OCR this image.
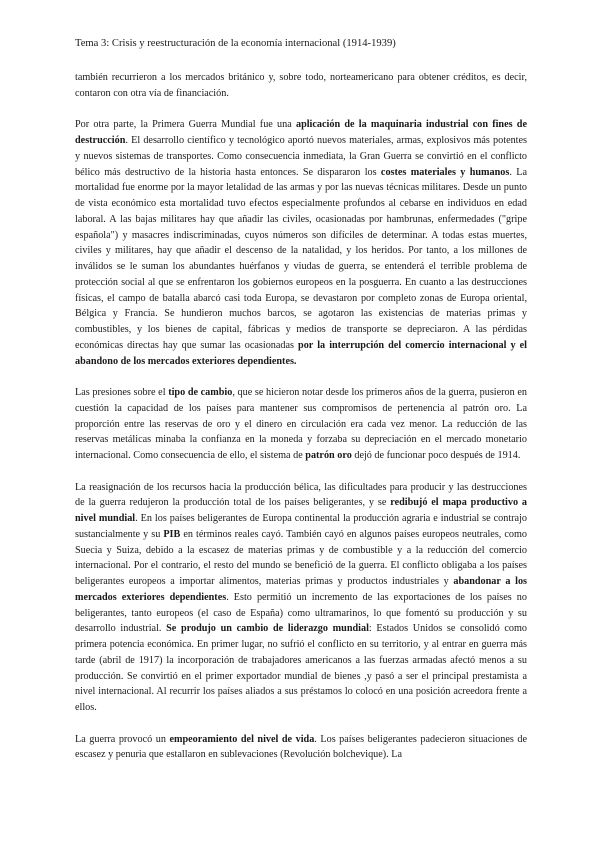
Tema 3: Crisis y reestructuración de la economía internacional (1914-1939)

también recurrieron a los mercados británico y, sobre todo, norteamericano para obtener créditos, es decir, contaron con otra vía de financiación.

Por otra parte, la Primera Guerra Mundial fue una aplicación de la maquinaria industrial con fines de destrucción. El desarrollo científico y tecnológico aportó nuevos materiales, armas, explosivos más potentes y nuevos sistemas de transportes. Como consecuencia inmediata, la Gran Guerra se convirtió en el conflicto bélico más destructivo de la historia hasta entonces. Se dispararon los costes materiales y humanos. La mortalidad fue enorme por la mayor letalidad de las armas y por las nuevas técnicas militares. Desde un punto de vista económico esta mortalidad tuvo efectos especialmente profundos al cebarse en individuos en edad laboral. A las bajas militares hay que añadir las civiles, ocasionadas por hambrunas, enfermedades ("gripe española") y masacres indiscriminadas, cuyos números son difíciles de determinar. A todas estas muertes, civiles y militares, hay que añadir el descenso de la natalidad, y los heridos. Por tanto, a los millones de inválidos se le suman los abundantes huérfanos y viudas de guerra, se entenderá el terrible problema de protección social al que se enfrentaron los gobiernos europeos en la posguerra. En cuanto a las destrucciones físicas, el campo de batalla abarcó casi toda Europa, se devastaron por completo zonas de Europa oriental, Bélgica y Francia. Se hundieron muchos barcos, se agotaron las existencias de materias primas y combustibles, y los bienes de capital, fábricas y medios de transporte se depreciaron. A las pérdidas económicas directas hay que sumar las ocasionadas por la interrupción del comercio internacional y el abandono de los mercados exteriores dependientes.

Las presiones sobre el tipo de cambio, que se hicieron notar desde los primeros años de la guerra, pusieron en cuestión la capacidad de los países para mantener sus compromisos de pertenencia al patrón oro. La proporción entre las reservas de oro y el dinero en circulación era cada vez menor. La reducción de las reservas metálicas minaba la confianza en la moneda y forzaba su depreciación en el mercado monetario internacional. Como consecuencia de ello, el sistema de patrón oro dejó de funcionar poco después de 1914.

La reasignación de los recursos hacia la producción bélica, las dificultades para producir y las destrucciones de la guerra redujeron la producción total de los países beligerantes, y se redibujó el mapa productivo a nivel mundial. En los países beligerantes de Europa continental la producción agraria e industrial se contrajo sustancialmente y su PIB en términos reales cayó. También cayó en algunos países europeos neutrales, como Suecia y Suiza, debido a la escasez de materias primas y de combustible y a la reducción del comercio internacional. Por el contrario, el resto del mundo se benefició de la guerra. El conflicto obligaba a los países beligerantes europeos a importar alimentos, materias primas y productos industriales y abandonar a los mercados exteriores dependientes. Esto permitió un incremento de las exportaciones de los países no beligerantes, tanto europeos (el caso de España) como ultramarinos, lo que fomentó su producción y su desarrollo industrial. Se produjo un cambio de liderazgo mundial: Estados Unidos se consolidó como primera potencia económica. En primer lugar, no sufrió el conflicto en su territorio, y al entrar en guerra más tarde (abril de 1917) la incorporación de trabajadores americanos a las fuerzas armadas afectó menos a su producción. Se convirtió en el primer exportador mundial de bienes ,y pasó a ser el principal prestamista a nivel internacional. Al recurrir los países aliados a sus préstamos lo colocó en una posición acreedora frente a ellos.

La guerra provocó un empeoramiento del nivel de vida. Los países beligerantes padecieron situaciones de escasez y penuria que estallaron en sublevaciones (Revolución bolchevique). La
